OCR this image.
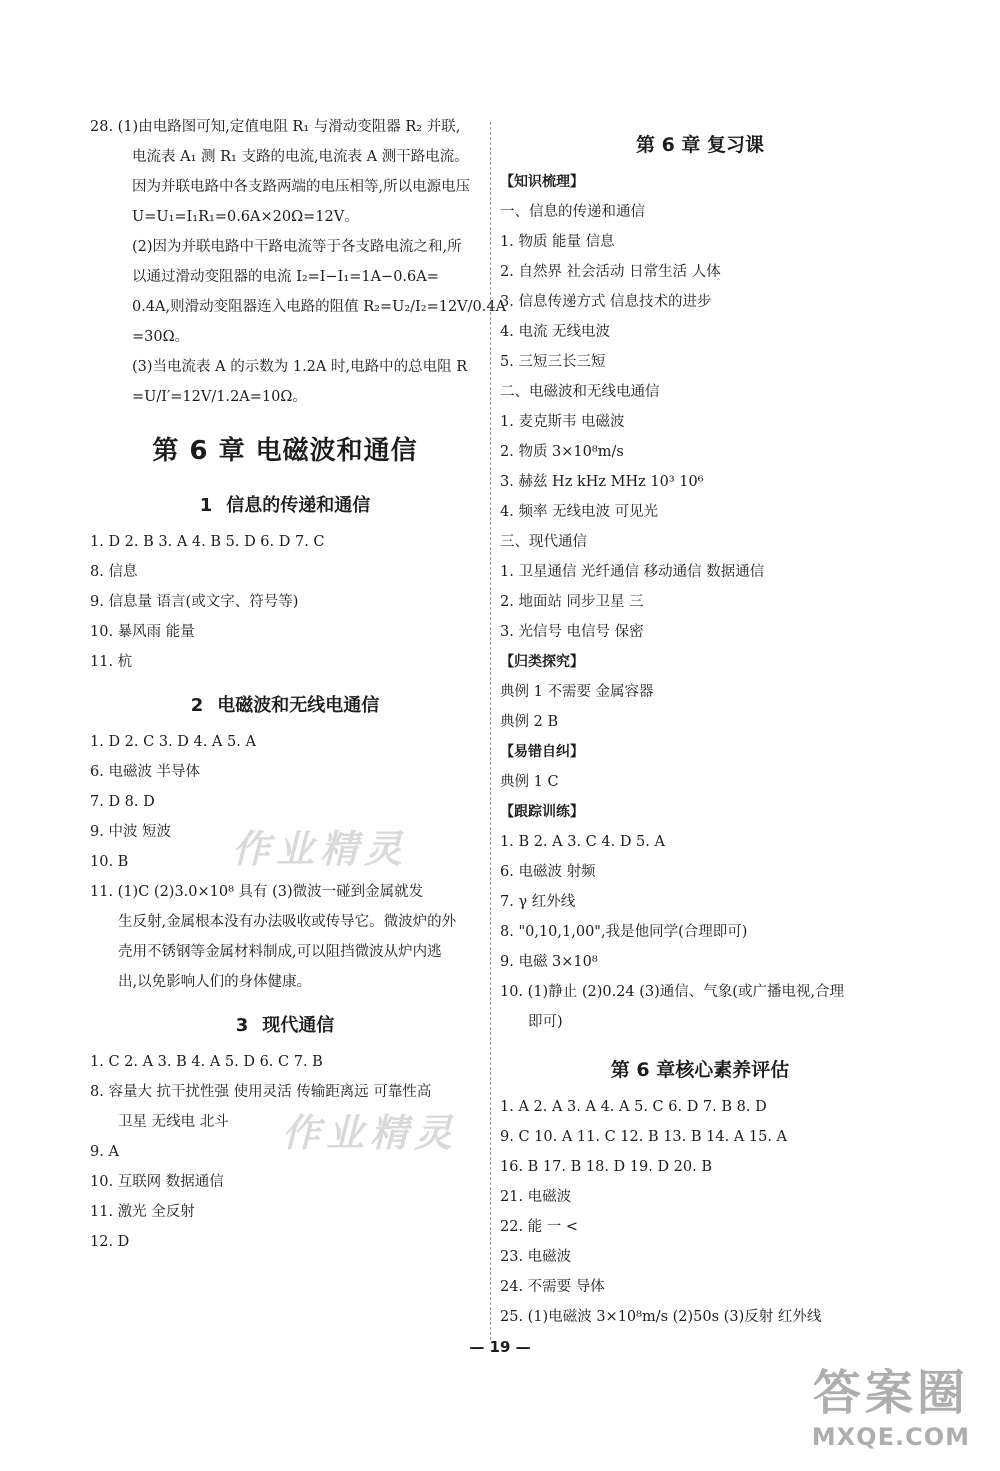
28. (1)由电路图可知,定值电阻 R₁ 与滑动变阻器 R₂ 并联,
电流表 A₁ 测 R₁ 支路的电流,电流表 A 测干路电流。
因为并联电路中各支路两端的电压相等,所以电源电压
U=U₁=I₁R₁=0.6A×20Ω=12V。
(2)因为并联电路中干路电流等于各支路电流之和,所
以通过滑动变阻器的电流 I₂=I−I₁=1A−0.6A=
0.4A,则滑动变阻器连入电路的阻值 R₂=U₂/I₂=12V/0.4A
=30Ω。
(3)当电流表 A 的示数为 1.2A 时,电路中的总电阻 R
=U/I′=12V/1.2A=10Ω。
第 6 章 电磁波和通信
1 信息的传递和通信
1. D 2. B 3. A 4. B 5. D 6. D 7. C
8. 信息
9. 信息量 语言(或文字、符号等)
10. 暴风雨 能量
11. 杭
2 电磁波和无线电通信
1. D 2. C 3. D 4. A 5. A
6. 电磁波 半导体
7. D 8. D
9. 中波 短波
10. B
11. (1)C (2)3.0×10⁸ 具有 (3)微波一碰到金属就发
生反射,金属根本没有办法吸收或传导它。微波炉的外
壳用不锈钢等金属材料制成,可以阻挡微波从炉内逃
出,以免影响人们的身体健康。
3 现代通信
1. C 2. A 3. B 4. A 5. D 6. C 7. B
8. 容量大 抗干扰性强 使用灵活 传输距离远 可靠性高
卫星 无线电 北斗
9. A
10. 互联网 数据通信
11. 激光 全反射
12. D
第 6 章 复习课
【知识梳理】
一、信息的传递和通信
1. 物质 能量 信息
2. 自然界 社会活动 日常生活 人体
3. 信息传递方式 信息技术的进步
4. 电流 无线电波
5. 三短三长三短
二、电磁波和无线电通信
1. 麦克斯韦 电磁波
2. 物质 3×10⁸m/s
3. 赫兹 Hz kHz MHz 10³ 10⁶
4. 频率 无线电波 可见光
三、现代通信
1. 卫星通信 光纤通信 移动通信 数据通信
2. 地面站 同步卫星 三
3. 光信号 电信号 保密
【归类探究】
典例 1 不需要 金属容器
典例 2 B
【易错自纠】
典例 1 C
【跟踪训练】
1. B 2. A 3. C 4. D 5. A
6. 电磁波 射频
7. γ 红外线
8. "0,10,1,00",我是他同学(合理即可)
9. 电磁 3×10⁸
10. (1)静止 (2)0.24 (3)通信、气象(或广播电视,合理
即可)
第 6 章核心素养评估
1. A 2. A 3. A 4. A 5. C 6. D 7. B 8. D
9. C 10. A 11. C 12. B 13. B 14. A 15. A
16. B 17. B 18. D 19. D 20. B
21. 电磁波
22. 能 一 <
23. 电磁波
24. 不需要 导体
25. (1)电磁波 3×10⁸m/s (2)50s (3)反射 红外线
作业精灵
作业精灵
— 19 —
答案圈
MXQE.COM
